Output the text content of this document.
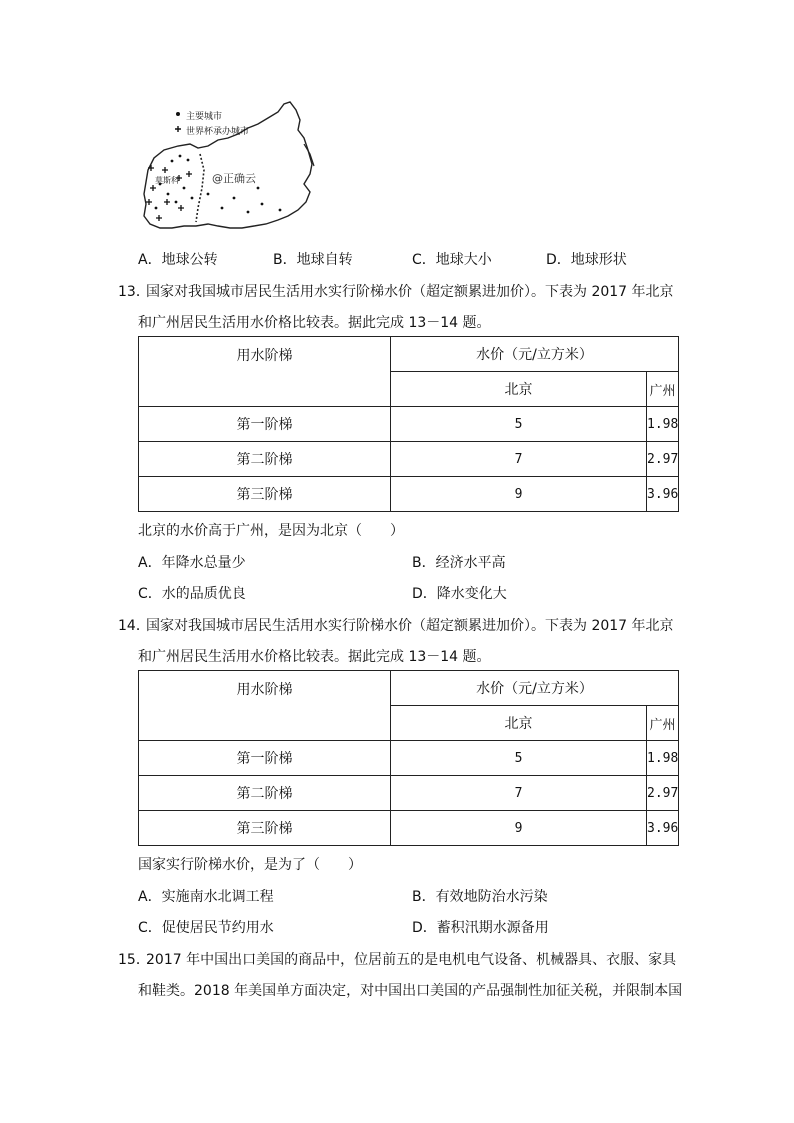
主要城市
世界杯承办城市
莫斯科	@正确云
A．地球公转	B．地球自转	C．地球大小	D．地球形状
13．
国家对我国城市居民生活用水实行阶梯水价（超定额累进加价）。下表为 2017 年北京
和广州居民生活用水价格比较表。据此完成 13－14 题。
用水阶梯	水价（元/立方米）	
	北京	广州
第一阶梯	5	1.98
第二阶梯	7	2.97
第三阶梯	9	3.96
北京的水价高于广州，是因为北京（　　）
A．年降水总量少	B．经济水平高
C．水的品质优良	D．降水变化大
14．
国家对我国城市居民生活用水实行阶梯水价（超定额累进加价）。下表为 2017 年北京
和广州居民生活用水价格比较表。据此完成 13－14 题。
用水阶梯	水价（元/立方米）	
	北京	广州
第一阶梯	5	1.98
第二阶梯	7	2.97
第三阶梯	9	3.96
国家实行阶梯水价，是为了（　　）
A．实施南水北调工程	B．有效地防治水污染
C．促使居民节约用水	D．蓄积汛期水源备用
15．
2017 年中国出口美国的商品中，位居前五的是电机电气设备、机械器具、衣服、家具
和鞋类。2018 年美国单方面决定，对中国出口美国的产品强制性加征关税，并限制本国
